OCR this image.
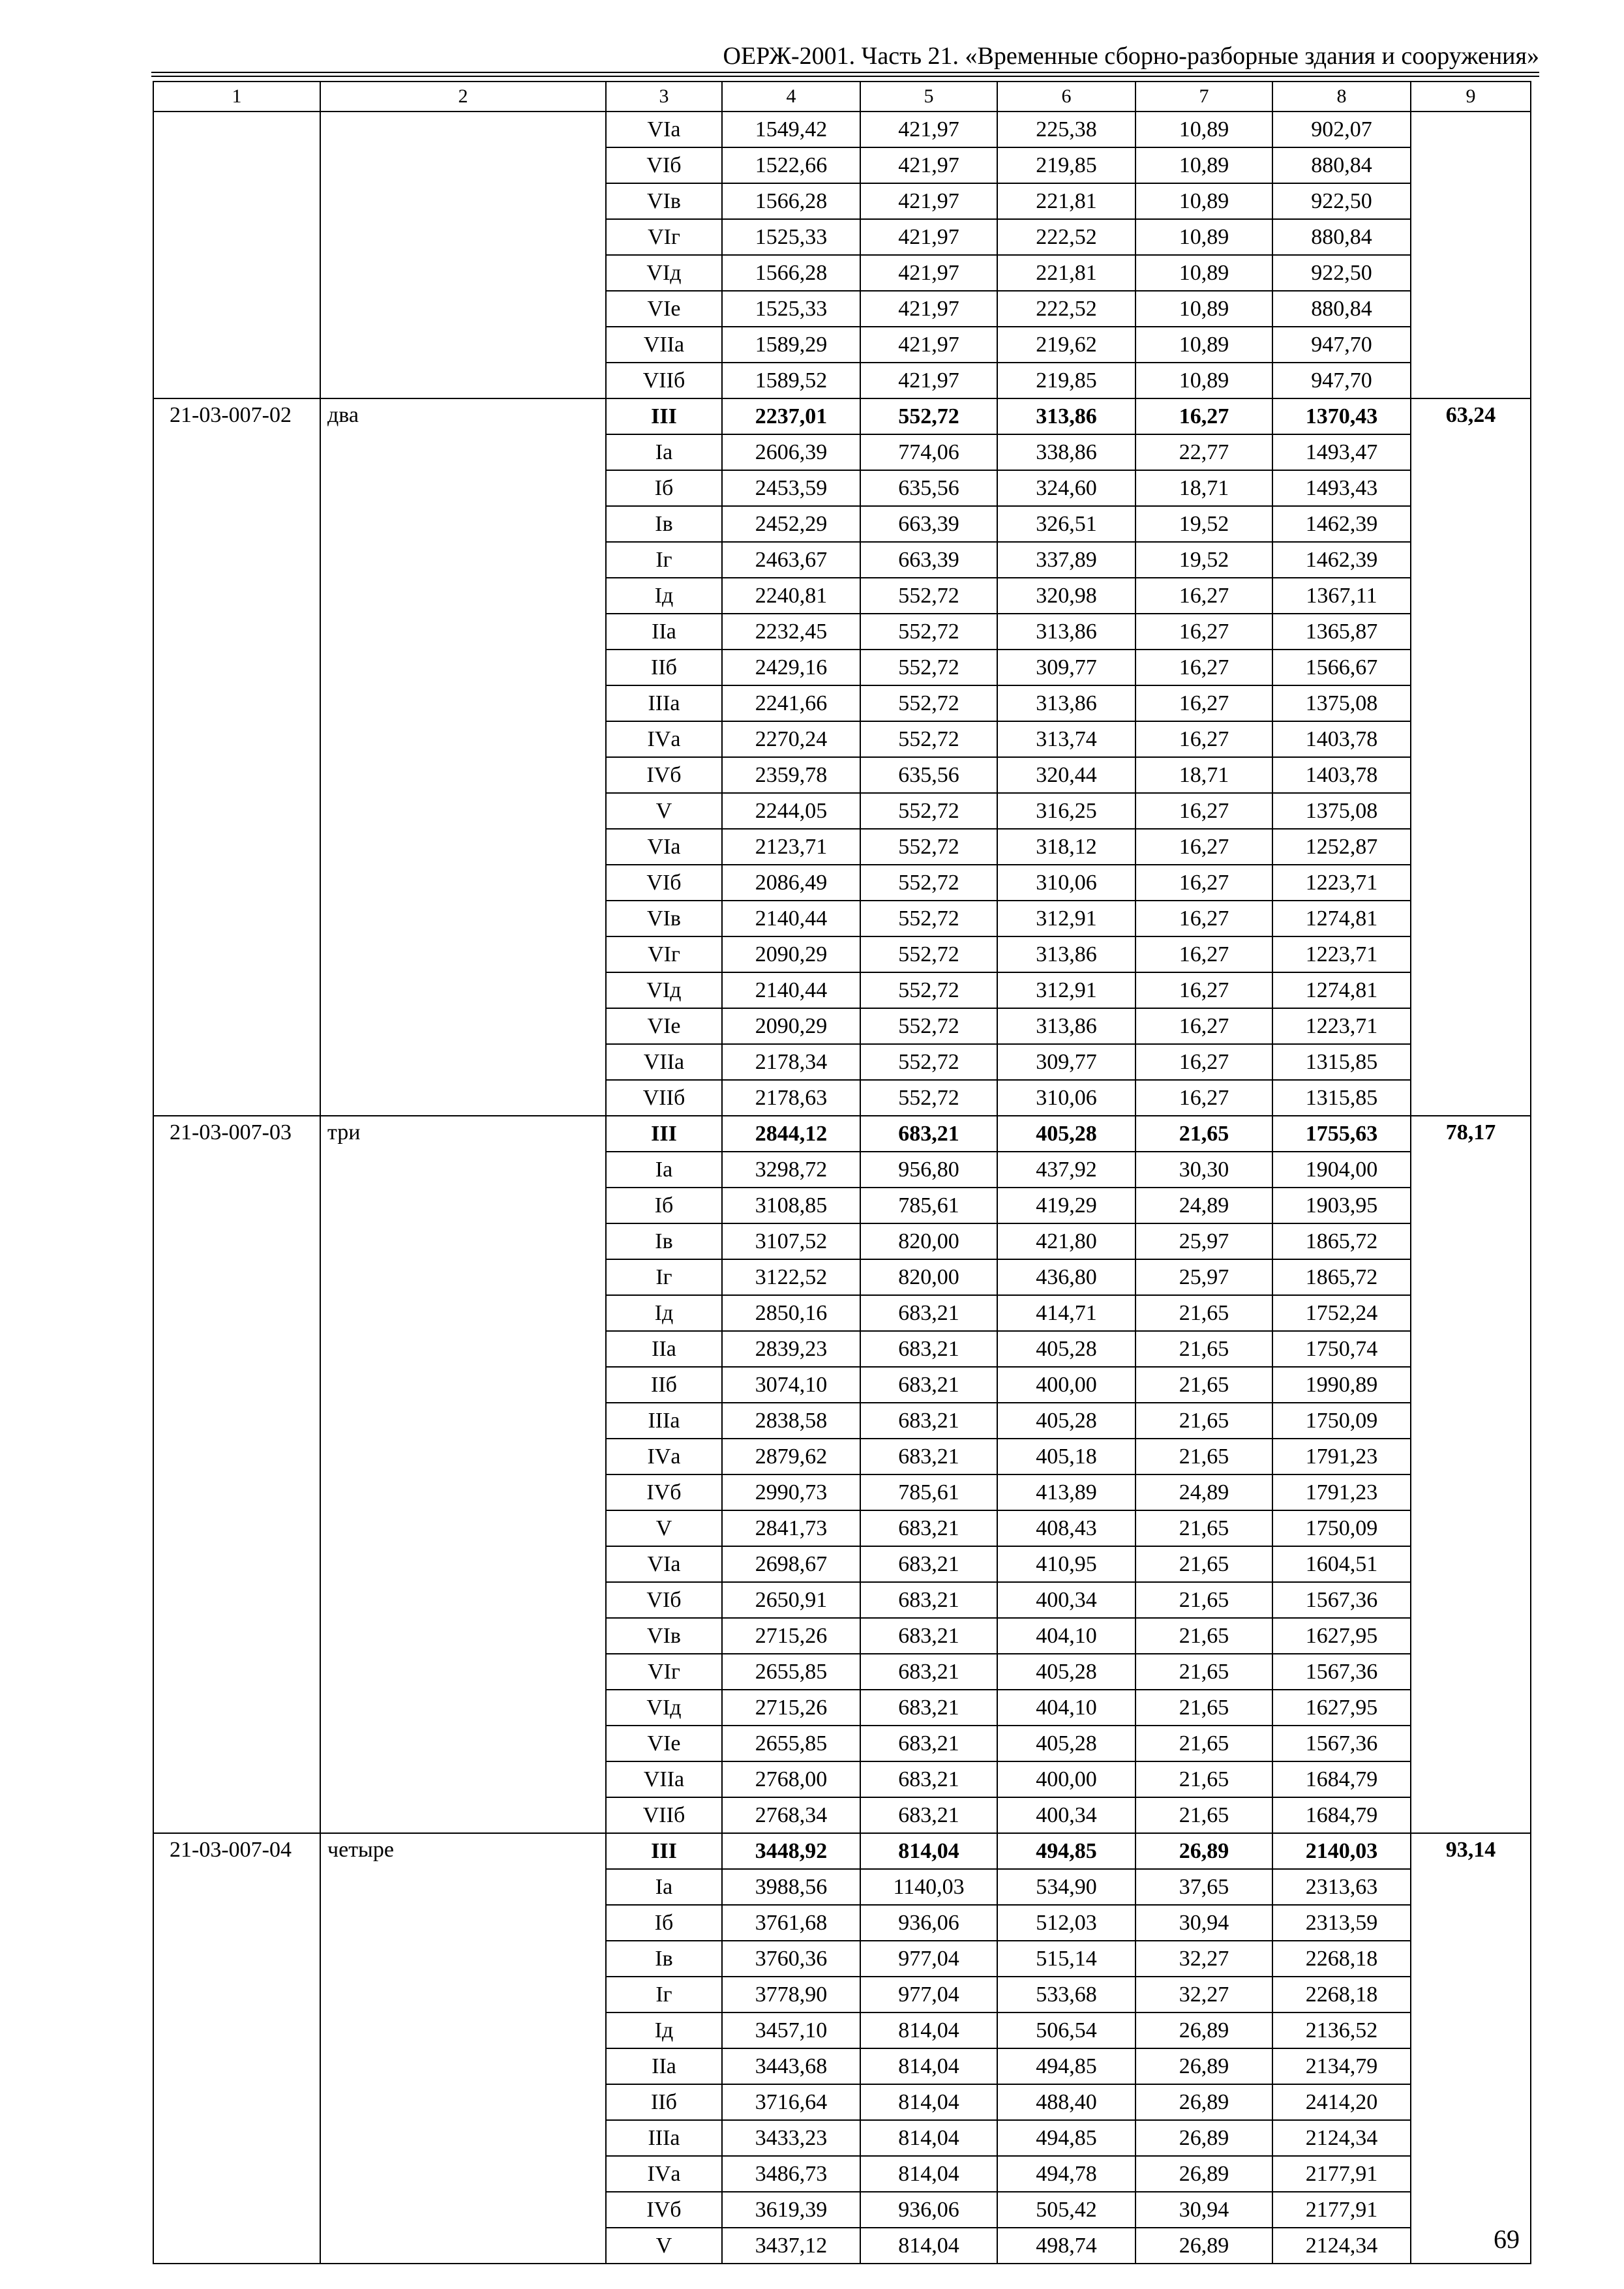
ОЕРЖ-2001. Часть 21. «Временные сборно-разборные здания и сооружения»
1	2	3	4	5	6	7	8	9
		VIа	1549,42	421,97	225,38	10,89	902,07	
		VIб	1522,66	421,97	219,85	10,89	880,84	
		VIв	1566,28	421,97	221,81	10,89	922,50	
		VIг	1525,33	421,97	222,52	10,89	880,84	
		VIд	1566,28	421,97	221,81	10,89	922,50	
		VIе	1525,33	421,97	222,52	10,89	880,84	
		VIIа	1589,29	421,97	219,62	10,89	947,70	
		VIIб	1589,52	421,97	219,85	10,89	947,70	
21-03-007-02	два	III	2237,01	552,72	313,86	16,27	1370,43	63,24
		Iа	2606,39	774,06	338,86	22,77	1493,47	
		Iб	2453,59	635,56	324,60	18,71	1493,43	
		Iв	2452,29	663,39	326,51	19,52	1462,39	
		Iг	2463,67	663,39	337,89	19,52	1462,39	
		Iд	2240,81	552,72	320,98	16,27	1367,11	
		IIа	2232,45	552,72	313,86	16,27	1365,87	
		IIб	2429,16	552,72	309,77	16,27	1566,67	
		IIIа	2241,66	552,72	313,86	16,27	1375,08	
		IVа	2270,24	552,72	313,74	16,27	1403,78	
		IVб	2359,78	635,56	320,44	18,71	1403,78	
		V	2244,05	552,72	316,25	16,27	1375,08	
		VIа	2123,71	552,72	318,12	16,27	1252,87	
		VIб	2086,49	552,72	310,06	16,27	1223,71	
		VIв	2140,44	552,72	312,91	16,27	1274,81	
		VIг	2090,29	552,72	313,86	16,27	1223,71	
		VIд	2140,44	552,72	312,91	16,27	1274,81	
		VIе	2090,29	552,72	313,86	16,27	1223,71	
		VIIа	2178,34	552,72	309,77	16,27	1315,85	
		VIIб	2178,63	552,72	310,06	16,27	1315,85	
21-03-007-03	три	III	2844,12	683,21	405,28	21,65	1755,63	78,17
		Iа	3298,72	956,80	437,92	30,30	1904,00	
		Iб	3108,85	785,61	419,29	24,89	1903,95	
		Iв	3107,52	820,00	421,80	25,97	1865,72	
		Iг	3122,52	820,00	436,80	25,97	1865,72	
		Iд	2850,16	683,21	414,71	21,65	1752,24	
		IIа	2839,23	683,21	405,28	21,65	1750,74	
		IIб	3074,10	683,21	400,00	21,65	1990,89	
		IIIа	2838,58	683,21	405,28	21,65	1750,09	
		IVа	2879,62	683,21	405,18	21,65	1791,23	
		IVб	2990,73	785,61	413,89	24,89	1791,23	
		V	2841,73	683,21	408,43	21,65	1750,09	
		VIа	2698,67	683,21	410,95	21,65	1604,51	
		VIб	2650,91	683,21	400,34	21,65	1567,36	
		VIв	2715,26	683,21	404,10	21,65	1627,95	
		VIг	2655,85	683,21	405,28	21,65	1567,36	
		VIд	2715,26	683,21	404,10	21,65	1627,95	
		VIе	2655,85	683,21	405,28	21,65	1567,36	
		VIIа	2768,00	683,21	400,00	21,65	1684,79	
		VIIб	2768,34	683,21	400,34	21,65	1684,79	
21-03-007-04	четыре	III	3448,92	814,04	494,85	26,89	2140,03	93,14
		Iа	3988,56	1140,03	534,90	37,65	2313,63	
		Iб	3761,68	936,06	512,03	30,94	2313,59	
		Iв	3760,36	977,04	515,14	32,27	2268,18	
		Iг	3778,90	977,04	533,68	32,27	2268,18	
		Iд	3457,10	814,04	506,54	26,89	2136,52	
		IIа	3443,68	814,04	494,85	26,89	2134,79	
		IIб	3716,64	814,04	488,40	26,89	2414,20	
		IIIа	3433,23	814,04	494,85	26,89	2124,34	
		IVа	3486,73	814,04	494,78	26,89	2177,91	
		IVб	3619,39	936,06	505,42	30,94	2177,91	
		V	3437,12	814,04	498,74	26,89	2124,34		69
